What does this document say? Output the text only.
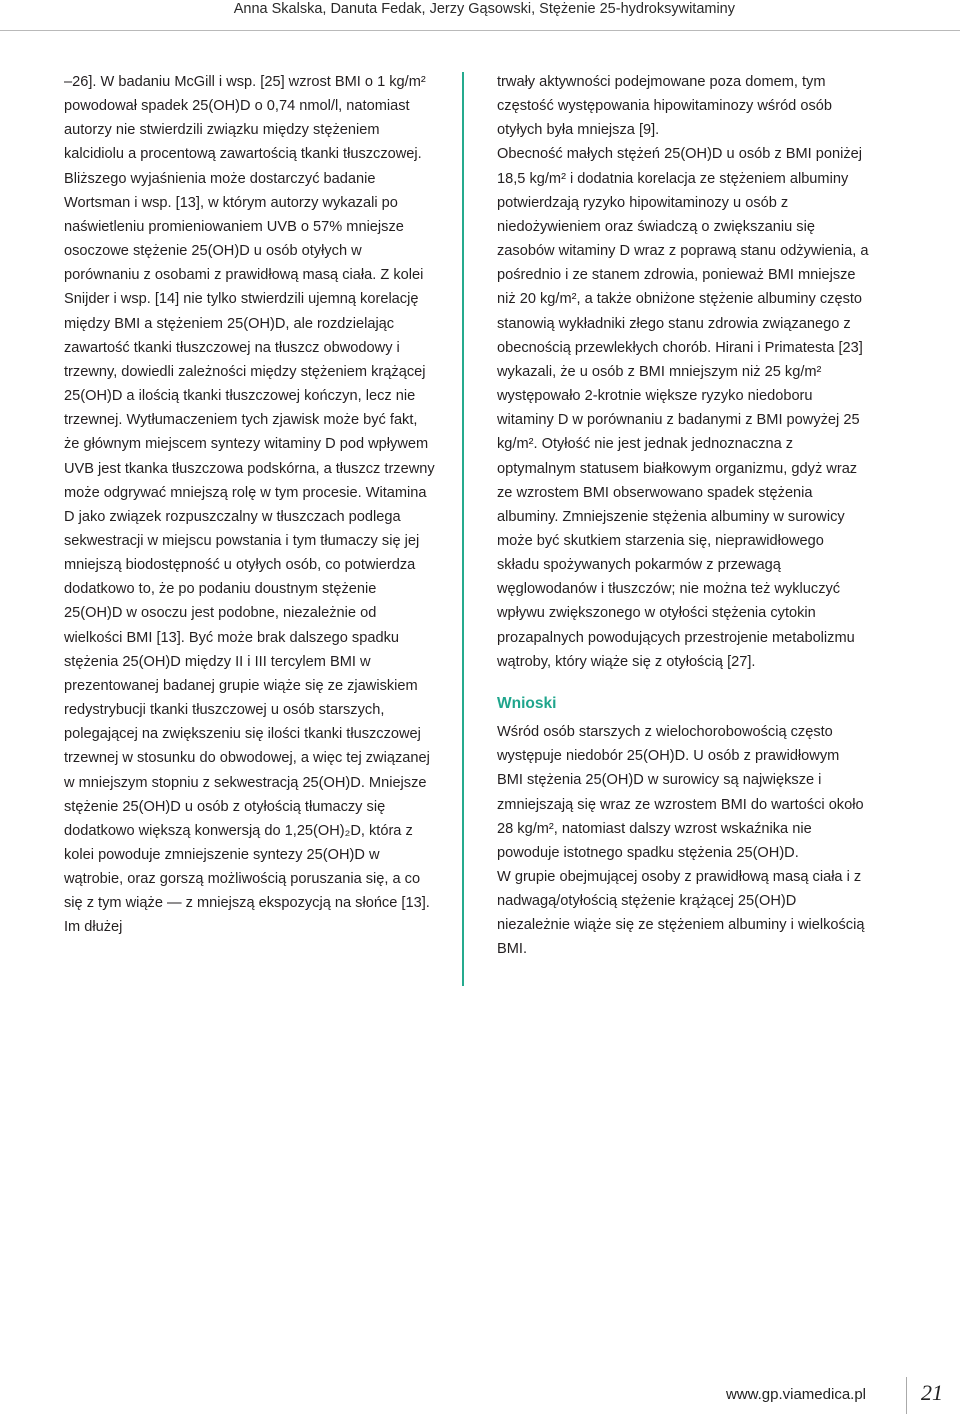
Anna Skalska, Danuta Fedak, Jerzy Gąsowski, Stężenie 25-hydroksywitaminy

–26]. W badaniu McGill i wsp. [25] wzrost BMI o 1 kg/m² powodował spadek 25(OH)D o 0,74 nmol/l, natomiast autorzy nie stwierdzili związku między stężeniem kalcidiolu a procentową zawartością tkanki tłuszczowej. Bliższego wyjaśnienia może dostarczyć badanie Wortsman i wsp. [13], w którym autorzy wykazali po naświetleniu promieniowaniem UVB o 57% mniejsze osoczowe stężenie 25(OH)D u osób otyłych w porównaniu z osobami z prawidłową masą ciała. Z kolei Snijder i wsp. [14] nie tylko stwierdzili ujemną korelację między BMI a stężeniem 25(OH)D, ale rozdzielając zawartość tkanki tłuszczowej na tłuszcz obwodowy i trzewny, dowiedli zależności między stężeniem krążącej 25(OH)D a ilością tkanki tłuszczowej kończyn, lecz nie trzewnej. Wytłumaczeniem tych zjawisk może być fakt, że głównym miejscem syntezy witaminy D pod wpływem UVB jest tkanka tłuszczowa podskórna, a tłuszcz trzewny może odgrywać mniejszą rolę w tym procesie. Witamina D jako związek rozpuszczalny w tłuszczach podlega sekwestracji w miejscu powstania i tym tłumaczy się jej mniejszą biodostępność u otyłych osób, co potwierdza dodatkowo to, że po podaniu doustnym stężenie 25(OH)D w osoczu jest podobne, niezależnie od wielkości BMI [13]. Być może brak dalszego spadku stężenia 25(OH)D między II i III tercylem BMI w prezentowanej badanej grupie wiąże się ze zjawiskiem redystrybucji tkanki tłuszczowej u osób starszych, polegającej na zwiększeniu się ilości tkanki tłuszczowej trzewnej w stosunku do obwodowej, a więc tej związanej w mniejszym stopniu z sekwestracją 25(OH)D. Mniejsze stężenie 25(OH)D u osób z otyłością tłumaczy się dodatkowo większą konwersją do 1,25(OH)₂D, która z kolei powoduje zmniejszenie syntezy 25(OH)D w wątrobie, oraz gorszą możliwością poruszania się, a co się z tym wiąże — z mniejszą ekspozycją na słońce [13]. Im dłużej

trwały aktywności podejmowane poza domem, tym częstość występowania hipowitaminozy wśród osób otyłych była mniejsza [9].

Obecność małych stężeń 25(OH)D u osób z BMI poniżej 18,5 kg/m² i dodatnia korelacja ze stężeniem albuminy potwierdzają ryzyko hipowitaminozy u osób z niedożywieniem oraz świadczą o zwiększaniu się zasobów witaminy D wraz z poprawą stanu odżywienia, a pośrednio i ze stanem zdrowia, ponieważ BMI mniejsze niż 20 kg/m², a także obniżone stężenie albuminy często stanowią wykładniki złego stanu zdrowia związanego z obecnością przewlekłych chorób. Hirani i Primatesta [23] wykazali, że u osób z BMI mniejszym niż 25 kg/m² występowało 2-krotnie większe ryzyko niedoboru witaminy D w porównaniu z badanymi z BMI powyżej 25 kg/m². Otyłość nie jest jednak jednoznaczna z optymalnym statusem białkowym organizmu, gdyż wraz ze wzrostem BMI obserwowano spadek stężenia albuminy. Zmniejszenie stężenia albuminy w surowicy może być skutkiem starzenia się, nieprawidłowego składu spożywanych pokarmów z przewagą węglowodanów i tłuszczów; nie można też wykluczyć wpływu zwiększonego w otyłości stężenia cytokin prozapalnych powodujących przestrojenie metabolizmu wątroby, który wiąże się z otyłością [27].

Wnioski

Wśród osób starszych z wielochorobowością często występuje niedobór 25(OH)D. U osób z prawidłowym BMI stężenia 25(OH)D w surowicy są największe i zmniejszają się wraz ze wzrostem BMI do wartości około 28 kg/m², natomiast dalszy wzrost wskaźnika nie powoduje istotnego spadku stężenia 25(OH)D.

W grupie obejmującej osoby z prawidłową masą ciała i z nadwagą/otyłością stężenie krążącej 25(OH)D niezależnie wiąże się ze stężeniem albuminy i wielkością BMI.

www.gp.viamedica.pl	21
